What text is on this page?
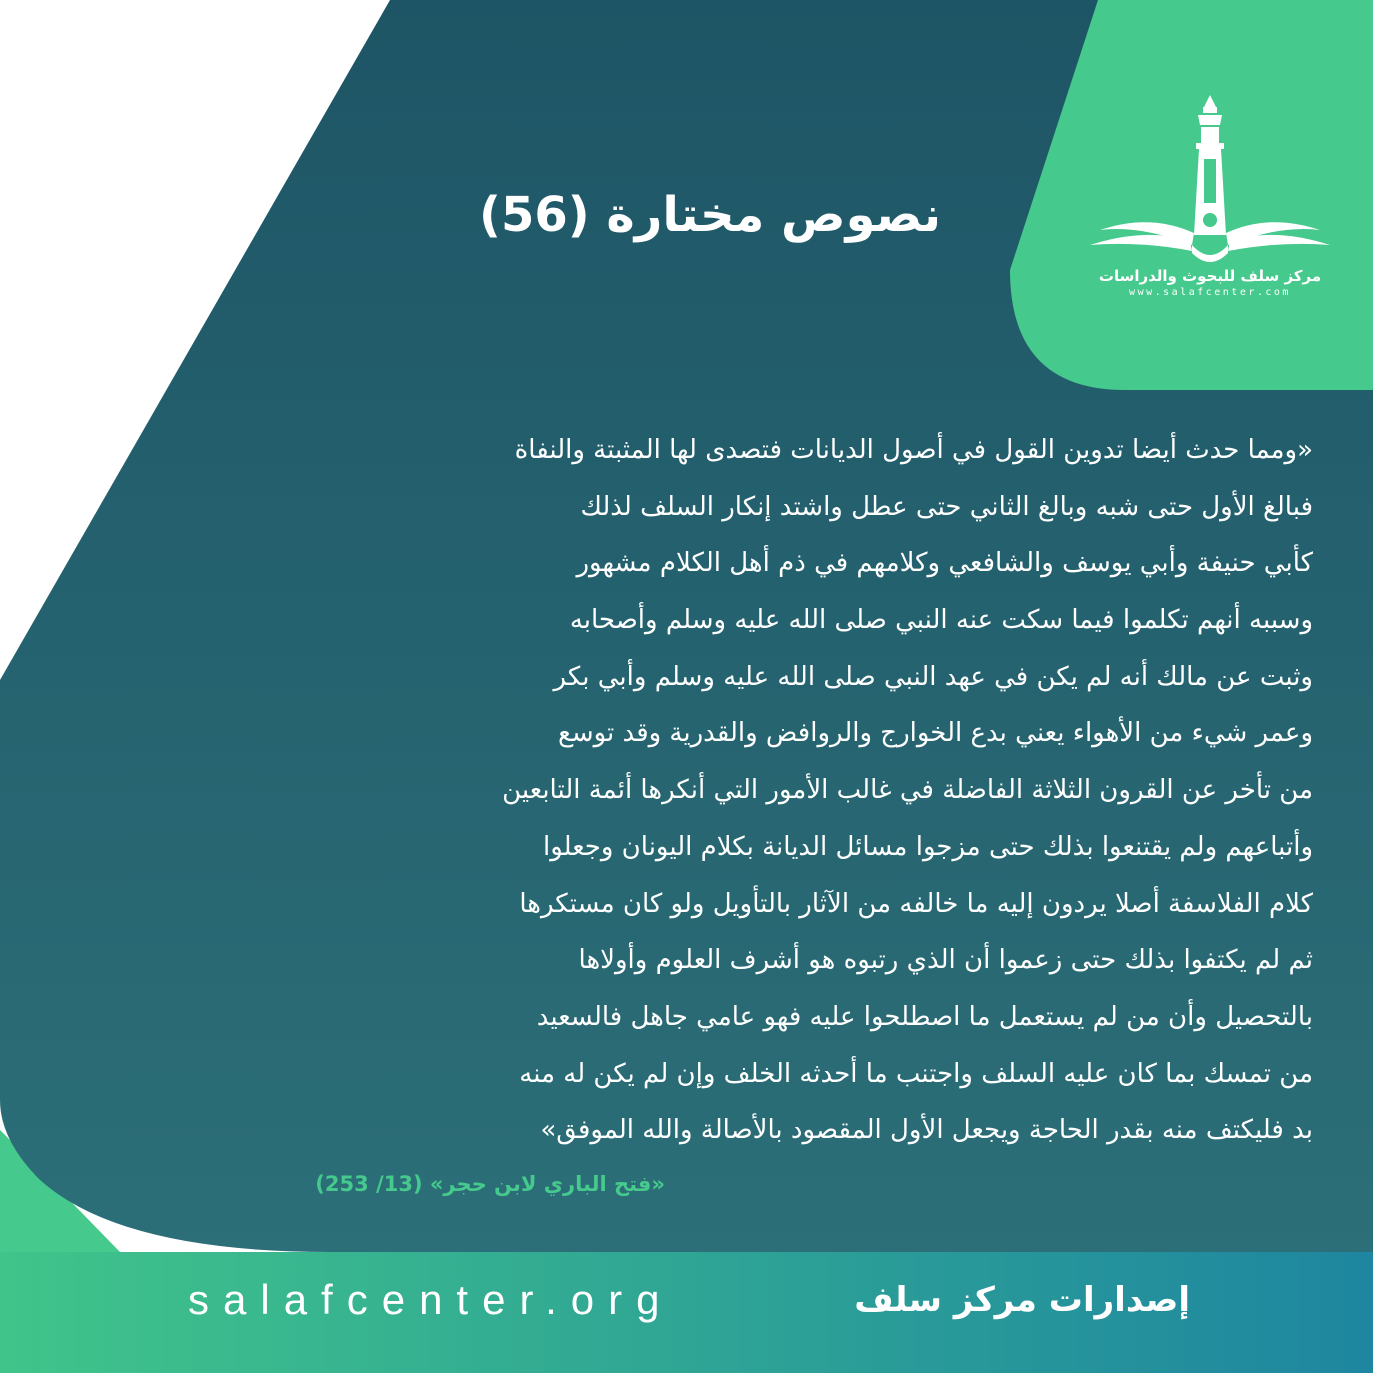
مركز سلف للبحوث والدراسات
www.salafcenter.com
نصوص مختارة (56)
«ومما حدث أيضا تدوين القول في أصول الديانات فتصدى لها المثبتة والنفاة
فبالغ الأول حتى شبه وبالغ الثاني حتى عطل واشتد إنكار السلف لذلك
كأبي حنيفة وأبي يوسف والشافعي وكلامهم في ذم أهل الكلام مشهور
وسببه أنهم تكلموا فيما سكت عنه النبي صلى الله عليه وسلم وأصحابه
وثبت عن مالك أنه لم يكن في عهد النبي صلى الله عليه وسلم وأبي بكر
وعمر شيء من الأهواء يعني بدع الخوارج والروافض والقدرية وقد توسع
من تأخر عن القرون الثلاثة الفاضلة في غالب الأمور التي أنكرها أئمة التابعين
وأتباعهم ولم يقتنعوا بذلك حتى مزجوا مسائل الديانة بكلام اليونان وجعلوا
كلام الفلاسفة أصلا يردون إليه ما خالفه من الآثار بالتأويل ولو كان مستكرها
ثم لم يكتفوا بذلك حتى زعموا أن الذي رتبوه هو أشرف العلوم وأولاها
بالتحصيل وأن من لم يستعمل ما اصطلحوا عليه فهو عامي جاهل فالسعيد
من تمسك بما كان عليه السلف واجتنب ما أحدثه الخلف وإن لم يكن له منه
بد فليكتف منه بقدر الحاجة ويجعل الأول المقصود بالأصالة والله الموفق»
«فتح الباري لابن حجر» (13/ 253)
salafcenter.org	إصدارات مركز سلف
